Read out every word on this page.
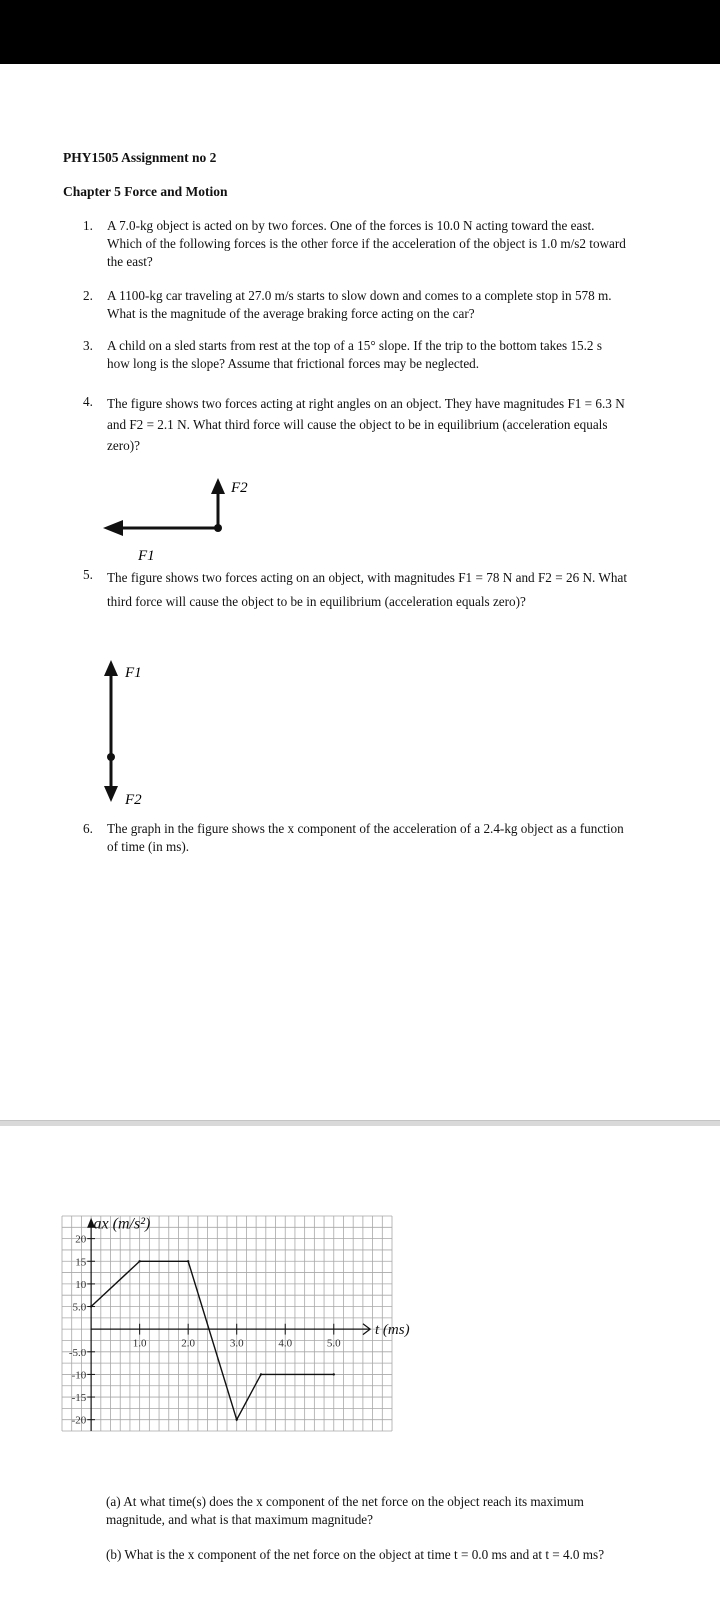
PHY1505 Assignment no 2
Chapter 5 Force and Motion
1. A 7.0-kg object is acted on by two forces. One of the forces is 10.0 N acting toward the east. Which of the following forces is the other force if the acceleration of the object is 1.0 m/s2 toward the east?
2. A 1100-kg car traveling at 27.0 m/s starts to slow down and comes to a complete stop in 578 m. What is the magnitude of the average braking force acting on the car?
3. A child on a sled starts from rest at the top of a 15° slope. If the trip to the bottom takes 15.2 s how long is the slope? Assume that frictional forces may be neglected.
4. The figure shows two forces acting at right angles on an object. They have magnitudes F1 = 6.3 N and F2 = 2.1 N. What third force will cause the object to be in equilibrium (acceleration equals zero)?
F2
F1
5. The figure shows two forces acting on an object, with magnitudes F1 = 78 N and F2 = 26 N. What third force will cause the object to be in equilibrium (acceleration equals zero)?
F1
F2
6. The graph in the figure shows the x component of the acceleration of a 2.4-kg object as a function of time (in ms).
1.0	2.0	3.0	4.0	5.0
20
15
10
5.0
-5.0
-10
-15
-20
ax (m/s²)
t (ms)
(a) At what time(s) does the x component of the net force on the object reach its maximum magnitude, and what is that maximum magnitude?
(b) What is the x component of the net force on the object at time t = 0.0 ms and at t = 4.0 ms?
